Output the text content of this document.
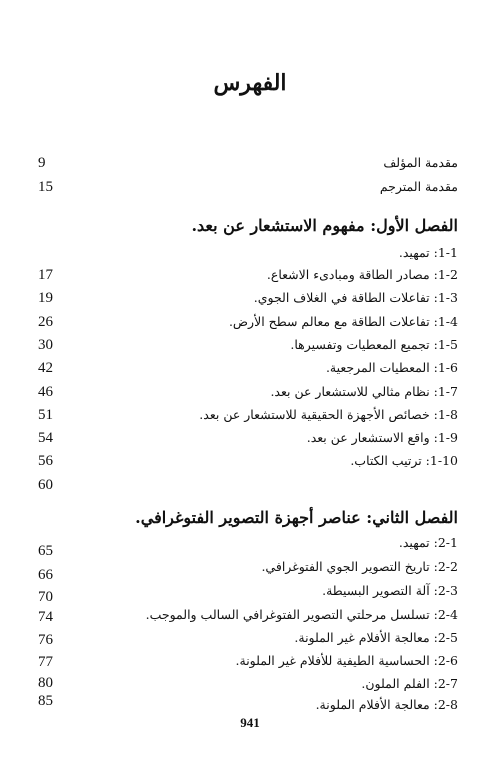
الفهرس
مقدمة المؤلف
9
مقدمة المترجم
15
الفصل الأول: مفهوم الاستشعار عن بعد.
1-1: تمهيد.
1-2: مصادر الطاقة ومبادىء الاشعاع.
17
1-3: تفاعلات الطاقة في الغلاف الجوي.
19
1-4: تفاعلات الطاقة مع معالم سطح الأرض.
26
1-5: تجميع المعطيات وتفسيرها.
30
1-6: المعطيات المرجعية.
42
1-7: نظام مثالي للاستشعار عن بعد.
46
1-8: خصائص الأجهزة الحقيقية للاستشعار عن بعد.
51
1-9: واقع الاستشعار عن بعد.
54
1-10: ترتيب الكتاب.
56
60
الفصل الثاني: عناصر أجهزة التصوير الفتوغرافي.
2-1: تمهيد.
65
2-2: تاريخ التصوير الجوي الفتوغرافي.
66
2-3: آلة التصوير البسيطة.
70
2-4: تسلسل مرحلتي التصوير الفتوغرافي السالب والموجب.
74
2-5: معالجة الأفلام غير الملونة.
76
2-6: الحساسية الطيفية للأفلام غير الملونة.
77
2-7: الفلم الملون.
80
2-8: معالجة الأفلام الملونة.
85
941
